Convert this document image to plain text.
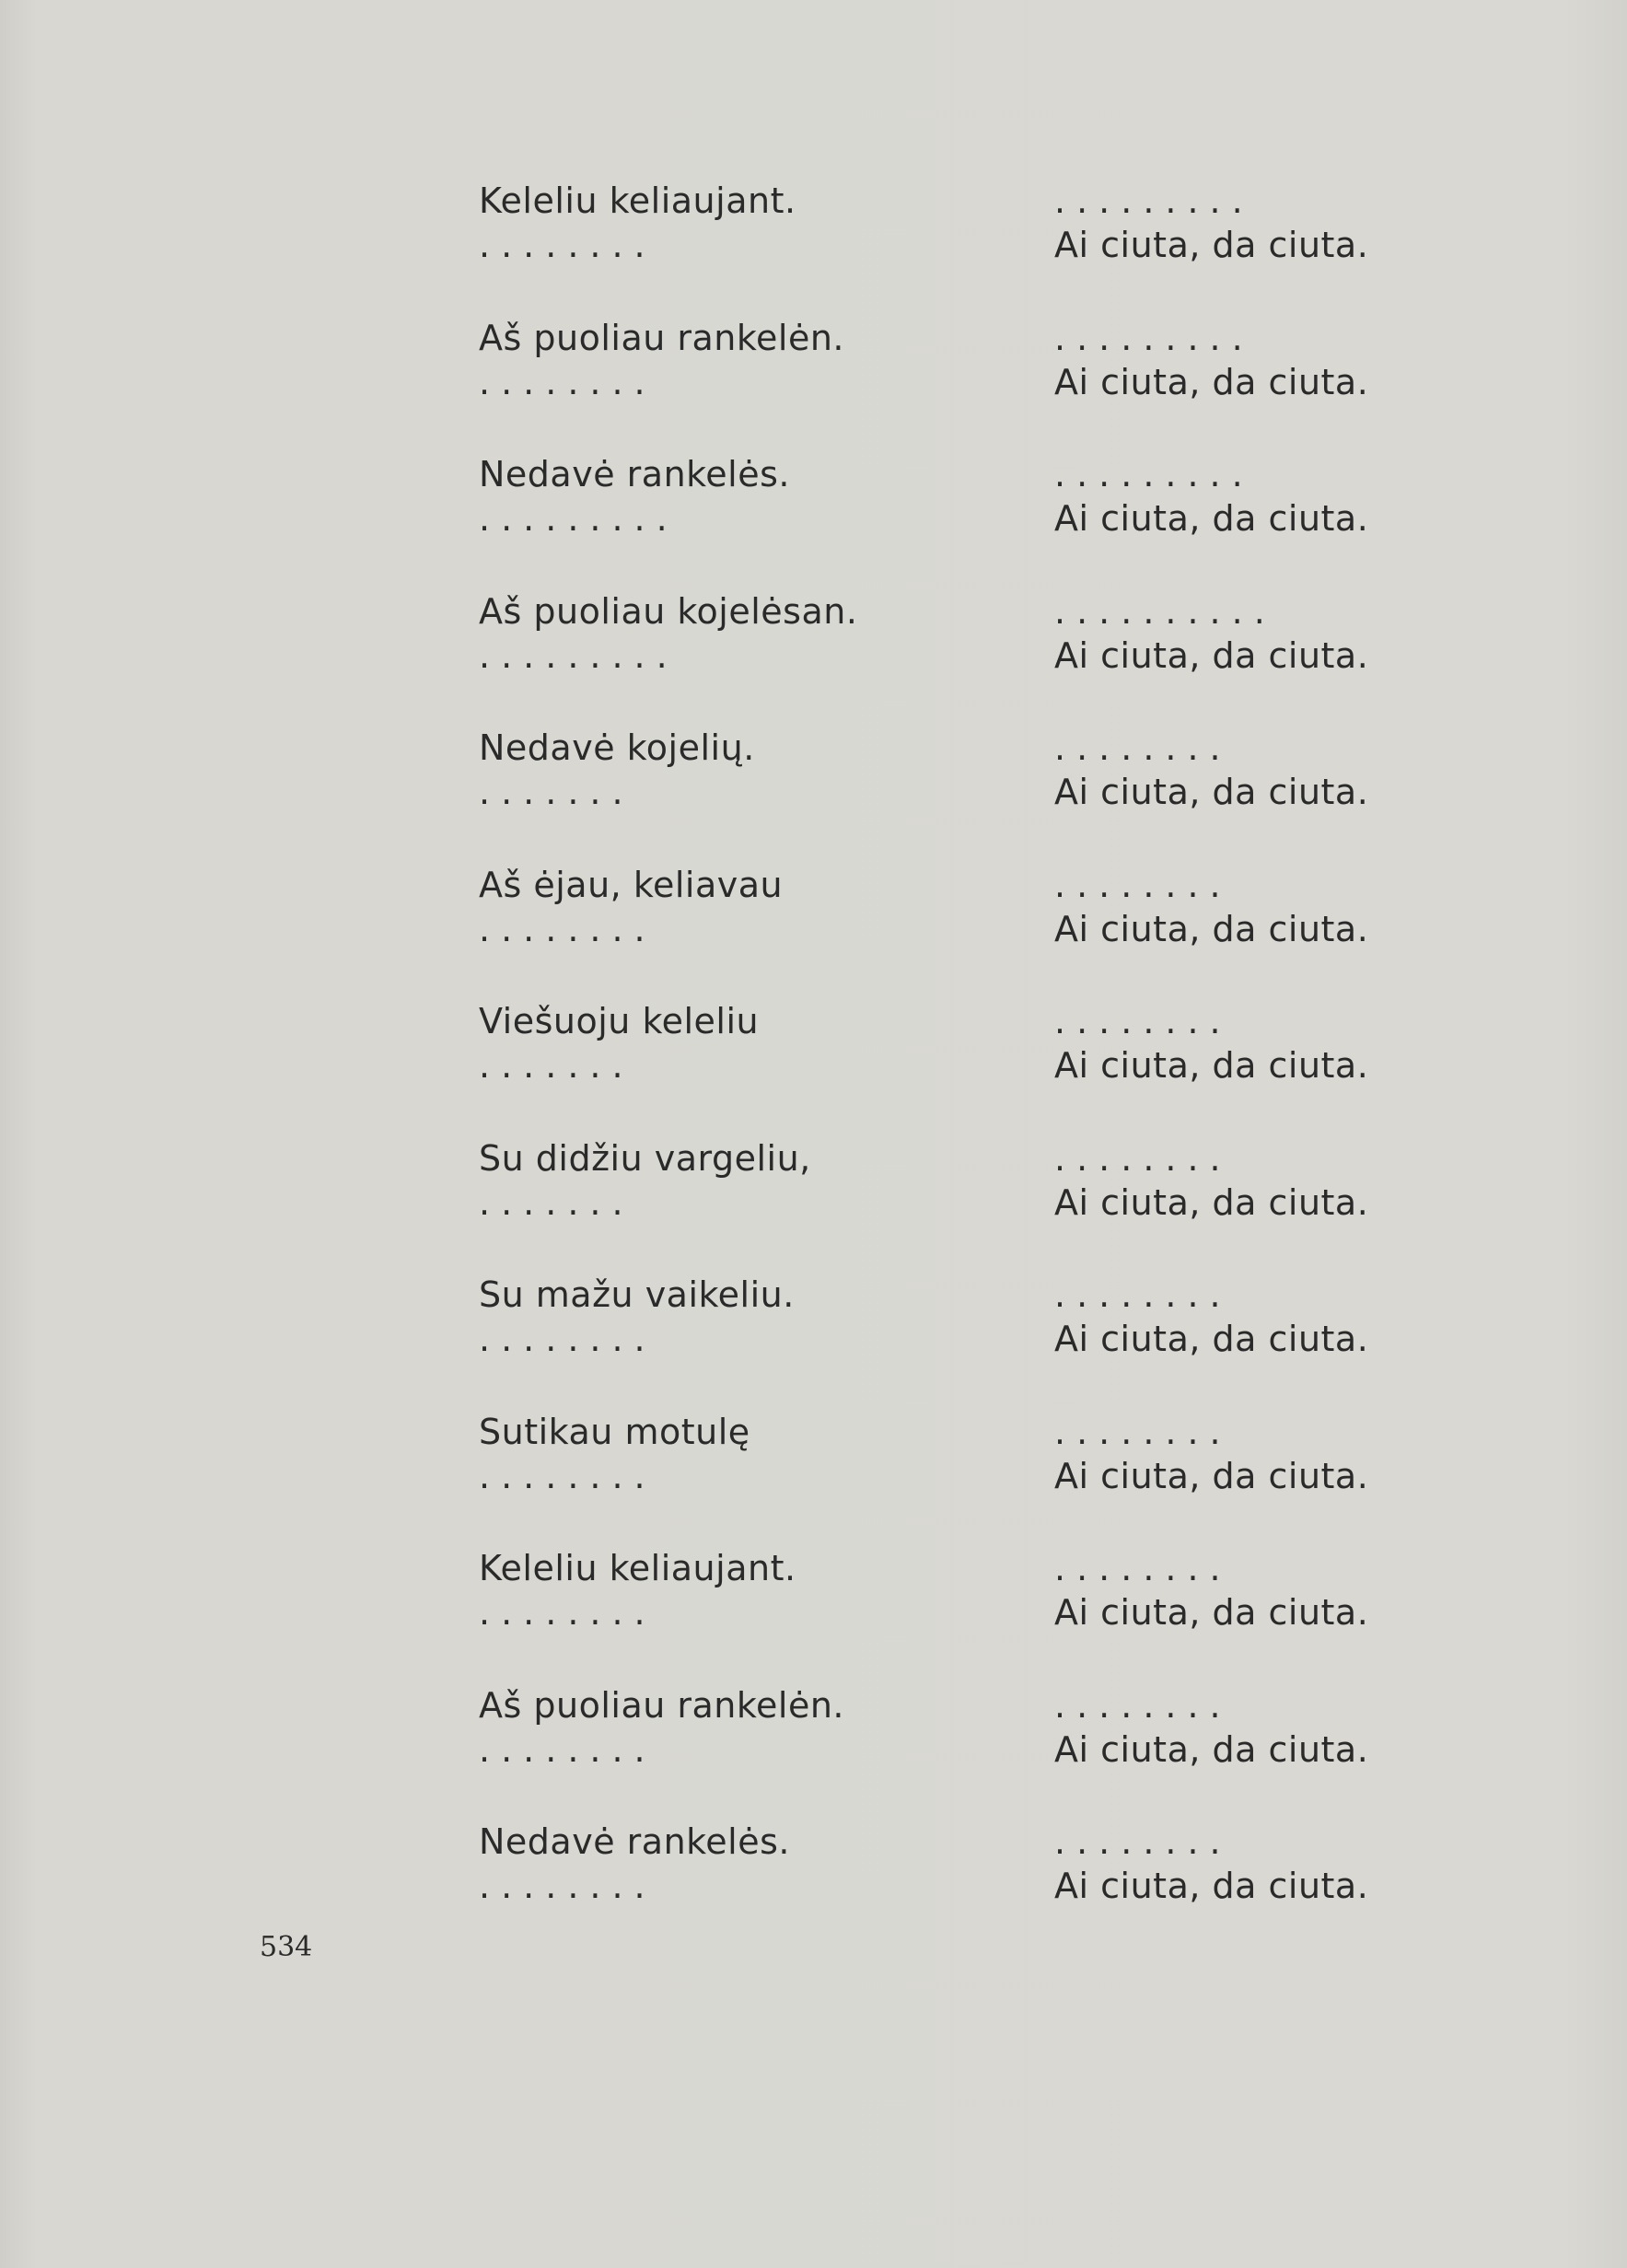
Keleliu keliaujant.	.........
........	Ai ciuta, da ciuta.
Aš puoliau rankelėn.	.........
........	Ai ciuta, da ciuta.
Nedavė rankelės.	.........
.........	Ai ciuta, da ciuta.
Aš puoliau kojelėsan.	..........
.........	Ai ciuta, da ciuta.
Nedavė kojelių.	........
.......	Ai ciuta, da ciuta.
Aš ėjau, keliavau	........
........	Ai ciuta, da ciuta.
Viešuoju keleliu	........
.......	Ai ciuta, da ciuta.
Su didžiu vargeliu,	........
.......	Ai ciuta, da ciuta.
Su mažu vaikeliu.	........
........	Ai ciuta, da ciuta.
Sutikau motulę	........
........	Ai ciuta, da ciuta.
Keleliu keliaujant.	........
........	Ai ciuta, da ciuta.
Aš puoliau rankelėn.	........
........	Ai ciuta, da ciuta.
Nedavė rankelės.	........
........	Ai ciuta, da ciuta.
534
